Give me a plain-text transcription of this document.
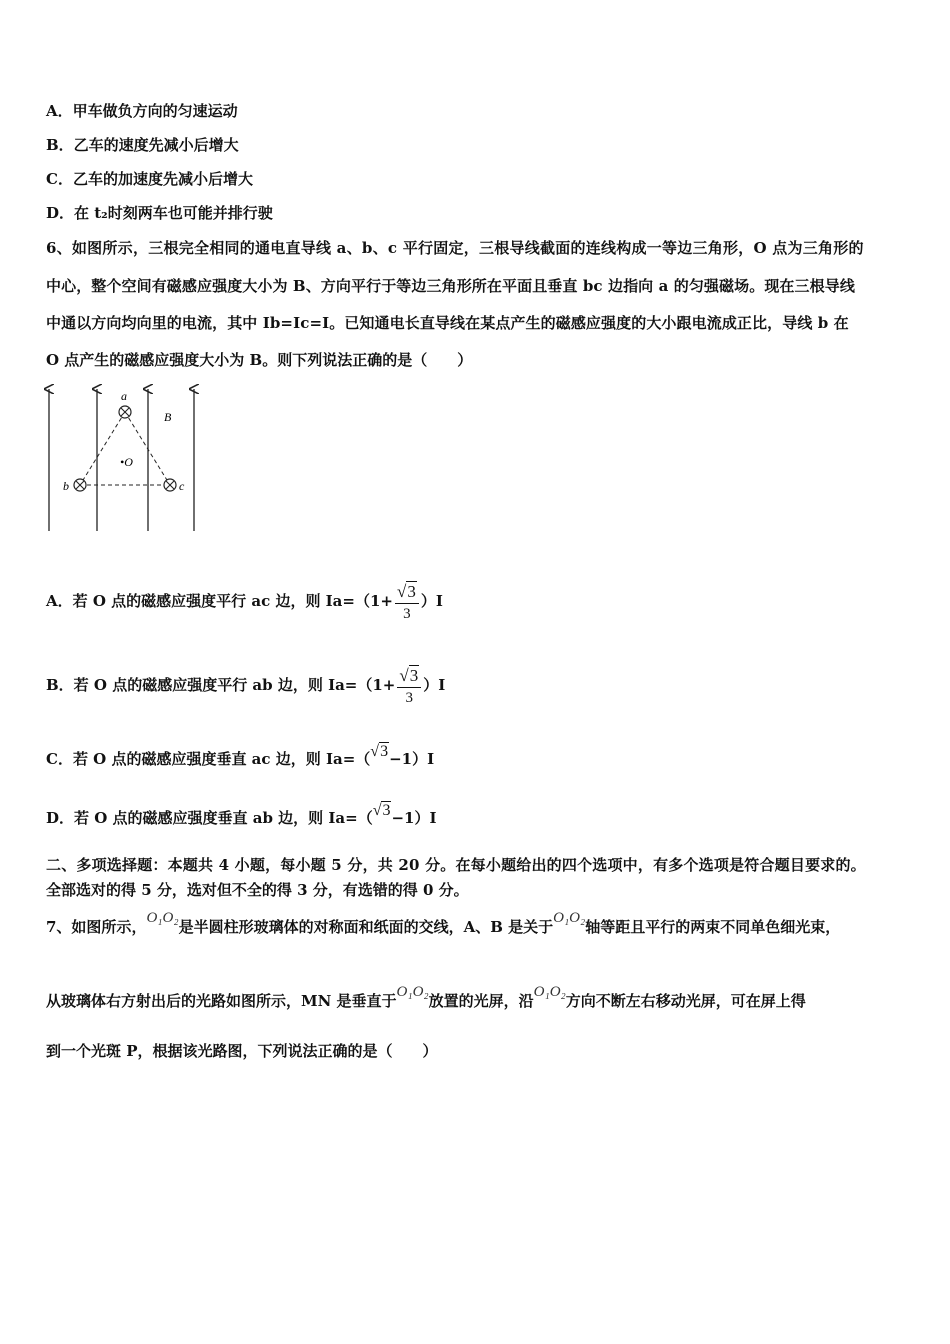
A．甲车做负方向的匀速运动
B．乙车的速度先减小后增大
C．乙车的加速度先减小后增大
D．在 t₂时刻两车也可能并排行驶
6、如图所示，三根完全相同的通电直导线 a、b、c 平行固定，三根导线截面的连线构成一等边三角形，O 点为三角形的
中心，整个空间有磁感应强度大小为 B、方向平行于等边三角形所在平面且垂直 bc 边指向 a 的匀强磁场。现在三根导线
中通以方向均向里的电流，其中 Ib=Ic=I。已知通电长直导线在某点产生的磁感应强度的大小跟电流成正比，导线 b 在
O 点产生的磁感应强度大小为 B。则下列说法正确的是（　　）
a
b	c
•O
B
A．若 O 点的磁感应强度平行 ac 边，则 $Ia=(1+ \frac{√3}{3} )I$
B．若 O 点的磁感应强度平行 ab 边，则 $Ia=(1+ \frac{√3}{3} )I$
C．若 O 点的磁感应强度垂直 ac 边，则 Ia=（√3−1）I
D．若 O 点的磁感应强度垂直 ab 边，则 Ia=（√3−1）I
二、多项选择题：本题共 4 小题，每小题 5 分，共 20 分。在每小题给出的四个选项中，有多个选项是符合题目要求的。
全部选对的得 5 分，选对但不全的得 3 分，有选错的得 0 分。
7、如图所示，O₁O₂是半圆柱形玻璃体的对称面和纸面的交线，A、B 是关于O₁O₂轴等距且平行的两束不同单色细光束，
从玻璃体右方射出后的光路如图所示，MN 是垂直于O₁O₂放置的光屏，沿O₁O₂方向不断左右移动光屏，可在屏上得
到一个光斑 P，根据该光路图，下列说法正确的是（　　）
